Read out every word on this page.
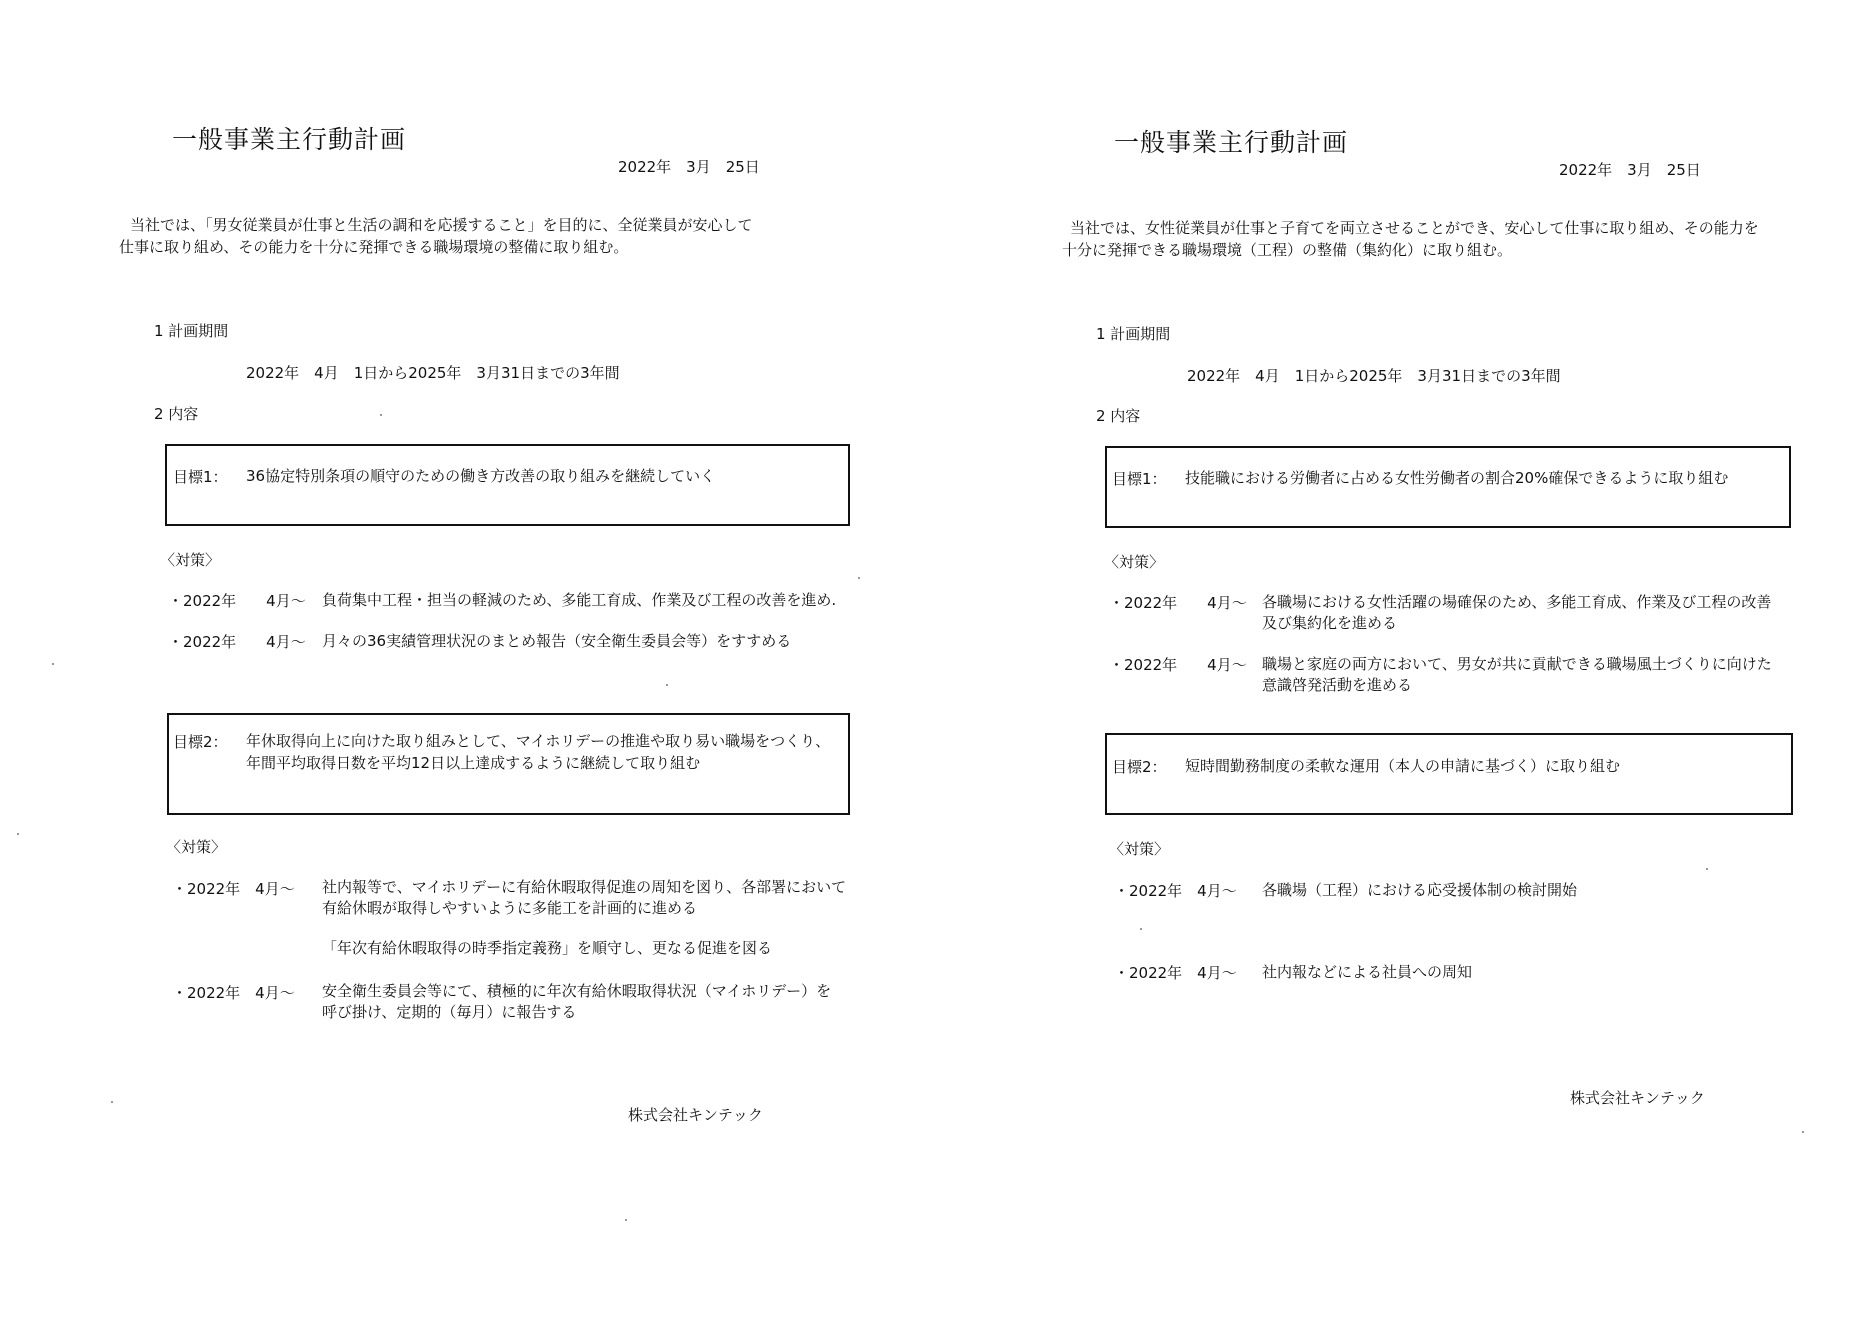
一般事業主行動計画
2022年　3月　25日
当社では、「男女従業員が仕事と生活の調和を応援すること」を目的に、全従業員が安心して
仕事に取り組め、その能力を十分に発揮できる職場環境の整備に取り組む。
1 計画期間
2022年　4月　1日から2025年　3月31日までの3年間
2 内容
目標1： 36協定特別条項の順守のための働き方改善の取り組みを継続していく
〈対策〉
・2022年　　4月～ 負荷集中工程・担当の軽減のため、多能工育成、作業及び工程の改善を進め.
・2022年　　4月～ 月々の36実績管理状況のまとめ報告（安全衛生委員会等）をすすめる
目標2： 年休取得向上に向けた取り組みとして、マイホリデーの推進や取り易い職場をつくり、
年間平均取得日数を平均12日以上達成するように継続して取り組む
〈対策〉
・2022年　4月～ 社内報等で、マイホリデーに有給休暇取得促進の周知を図り、各部署において
有給休暇が取得しやすいように多能工を計画的に進める
「年次有給休暇取得の時季指定義務」を順守し、更なる促進を図る
・2022年　4月～ 安全衛生委員会等にて、積極的に年次有給休暇取得状況（マイホリデー）を
呼び掛け、定期的（毎月）に報告する
株式会社キンテック
一般事業主行動計画
2022年　3月　25日
当社では、女性従業員が仕事と子育てを両立させることができ、安心して仕事に取り組め、その能力を
十分に発揮できる職場環境（工程）の整備（集約化）に取り組む。
1 計画期間
2022年　4月　1日から2025年　3月31日までの3年間
2 内容
目標1： 技能職における労働者に占める女性労働者の割合20%確保できるように取り組む
〈対策〉
・2022年　　4月～ 各職場における女性活躍の場確保のため、多能工育成、作業及び工程の改善
及び集約化を進める
・2022年　　4月～ 職場と家庭の両方において、男女が共に貢献できる職場風土づくりに向けた
意識啓発活動を進める
目標2： 短時間勤務制度の柔軟な運用（本人の申請に基づく）に取り組む
〈対策〉
・2022年　4月～ 各職場（工程）における応受援体制の検討開始
・2022年　4月～ 社内報などによる社員への周知
株式会社キンテック
